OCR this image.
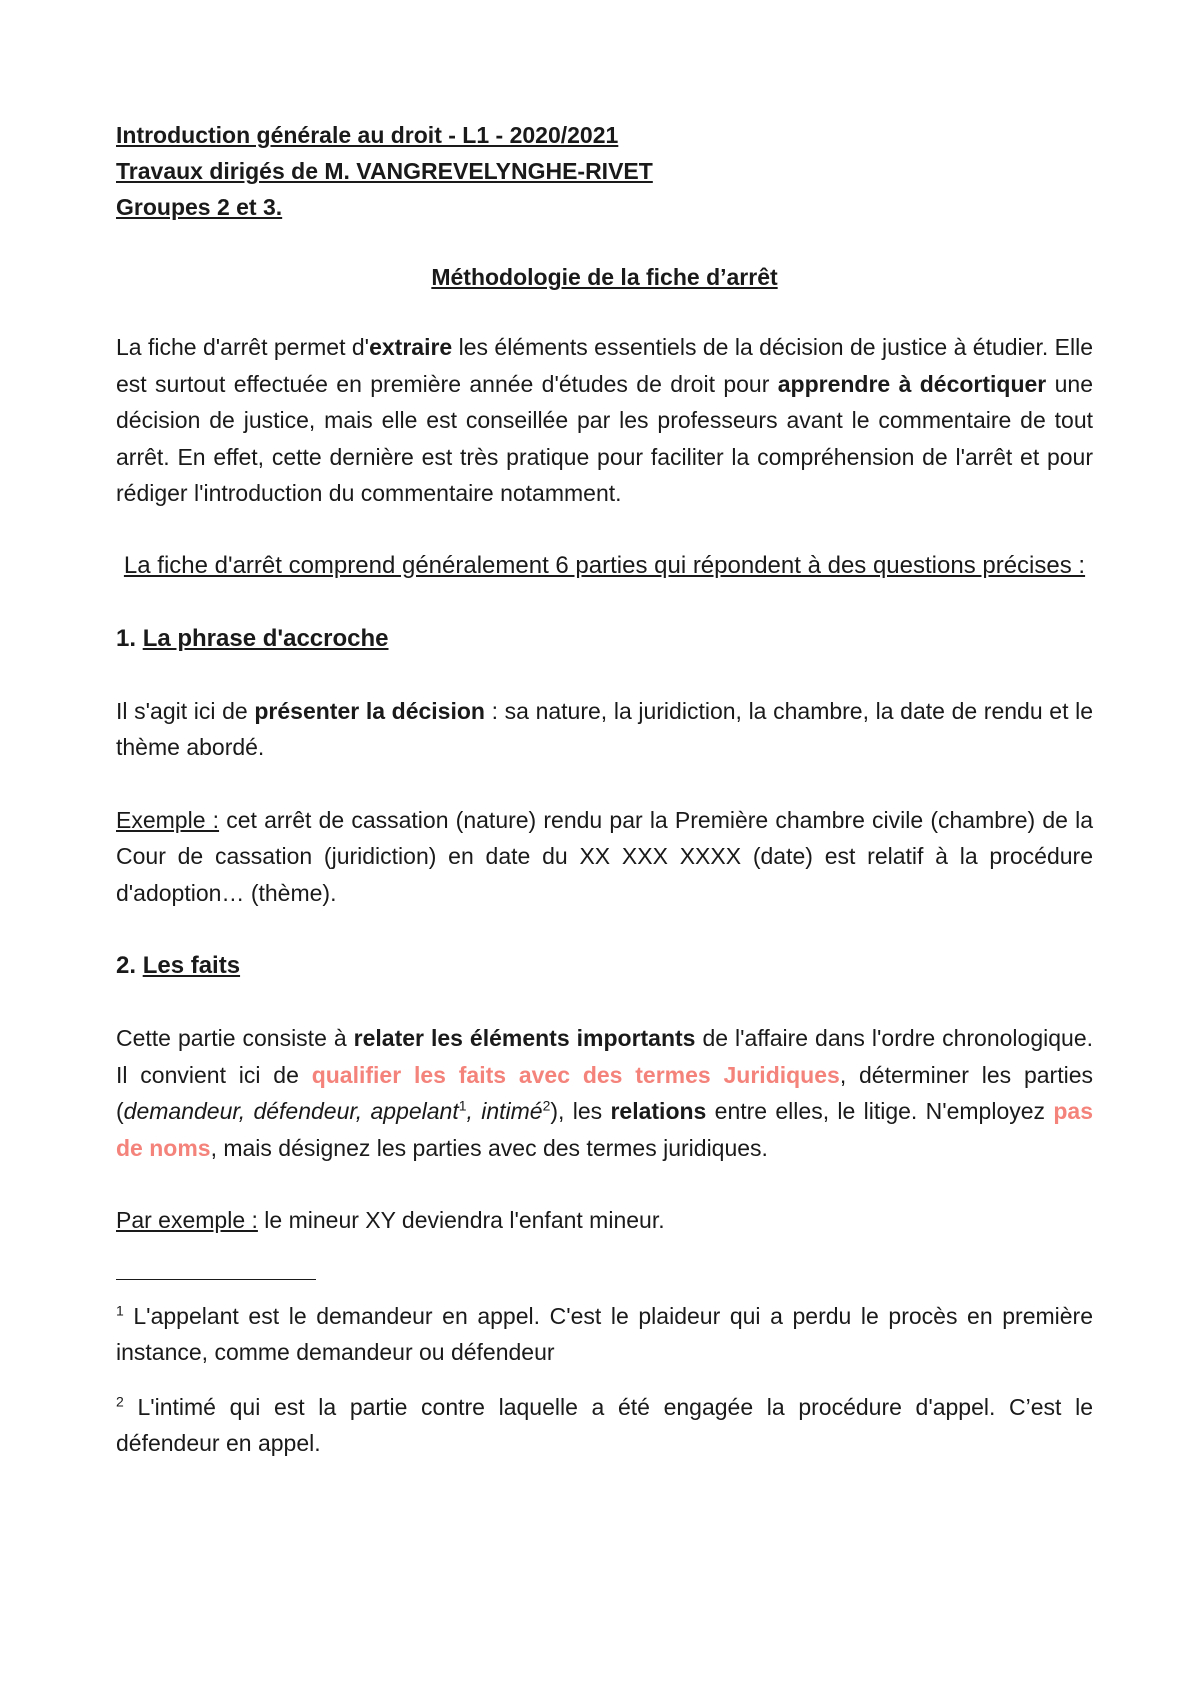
Introduction générale au droit - L1 - 2020/2021

Travaux dirigés de M. VANGREVELYNGHE-RIVET

Groupes 2 et 3.

Méthodologie de la fiche d’arrêt

La fiche d'arrêt permet d'extraire les éléments essentiels de la décision de justice à étudier. Elle est surtout effectuée en première année d'études de droit pour apprendre à décortiquer une décision de justice, mais elle est conseillée par les professeurs avant le commentaire de tout arrêt. En effet, cette dernière est très pratique pour faciliter la compréhension de l'arrêt et pour rédiger l'introduction du commentaire notamment.

La fiche d'arrêt comprend généralement 6 parties qui répondent à des questions précises :

1. La phrase d'accroche

Il s'agit ici de présenter la décision : sa nature, la juridiction, la chambre, la date de rendu et le thème abordé.

Exemple : cet arrêt de cassation (nature) rendu par la Première chambre civile (chambre) de la Cour de cassation (juridiction) en date du XX XXX XXXX (date) est relatif à la procédure d'adoption… (thème).

2. Les faits

Cette partie consiste à relater les éléments importants de l'affaire dans l'ordre chronologique. Il convient ici de qualifier les faits avec des termes Juridiques, déterminer les parties (demandeur, défendeur, appelant$^1$, intimé$^2$), les relations entre elles, le litige. N'employez pas de noms, mais désignez les parties avec des termes juridiques.

Par exemple : le mineur XY deviendra l'enfant mineur.

$^1$ L'appelant est le demandeur en appel. C'est le plaideur qui a perdu le procès en première instance, comme demandeur ou défendeur

$^2$ L'intimé qui est la partie contre laquelle a été engagée la procédure d'appel. C’est le défendeur en appel.
